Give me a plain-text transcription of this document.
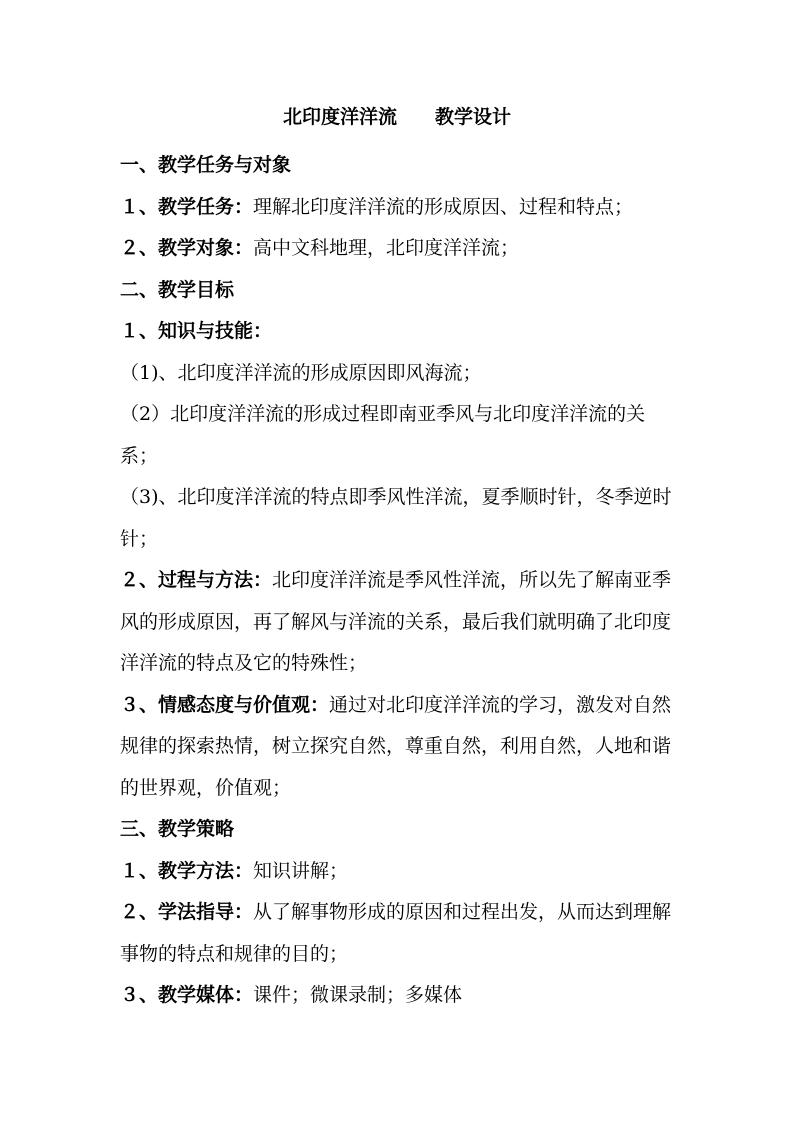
北印度洋洋流 教学设计
一、教学任务与对象
１、教学任务：理解北印度洋洋流的形成原因、过程和特点；
２、教学对象：高中文科地理，北印度洋洋流；
二、教学目标
１、知识与技能：
（1)、北印度洋洋流的形成原因即风海流；
（2）北印度洋洋流的形成过程即南亚季风与北印度洋洋流的关系；
（3)、北印度洋洋流的特点即季风性洋流，夏季顺时针，冬季逆时针；
２、过程与方法：北印度洋洋流是季风性洋流，所以先了解南亚季风的形成原因，再了解风与洋流的关系，最后我们就明确了北印度洋洋流的特点及它的特殊性；
３、情感态度与价值观：通过对北印度洋洋流的学习，激发对自然规律的探索热情，树立探究自然，尊重自然，利用自然，人地和谐的世界观，价值观；
三、教学策略
１、教学方法：知识讲解；
２、学法指导：从了解事物形成的原因和过程出发，从而达到理解事物的特点和规律的目的；
３、教学媒体：课件；微课录制；多媒体
